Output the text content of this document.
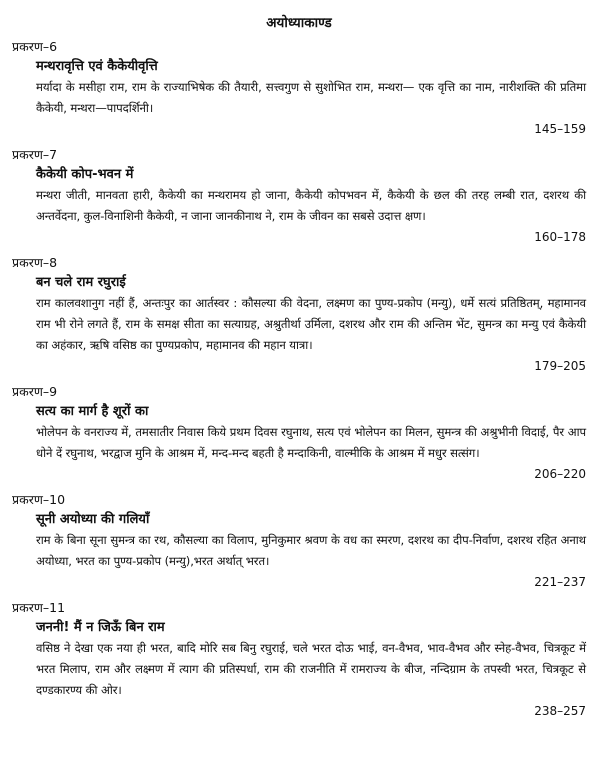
अयोध्याकाण्ड
प्रकरण–6
मन्थरावृत्ति एवं कैकेयीवृत्ति

मर्यादा के मसीहा राम, राम के राज्याभिषेक की तैयारी, सत्त्वगुण से सुशोभित राम, मन्थरा— एक वृत्ति का नाम, नारीशक्ति की प्रतिमा कैकेयी, मन्थरा—पापदर्शिनी।

145–159
प्रकरण–7
कैकेयी कोप-भवन में

मन्थरा जीती, मानवता हारी, कैकेयी का मन्थरामय हो जाना, कैकेयी कोपभवन में, कैकेयी के छल की तरह लम्बी रात, दशरथ की अन्तर्वेदना, कुल-विनाशिनी कैकेयी, न जाना जानकीनाथ ने, राम के जीवन का सबसे उदात्त क्षण।

160–178
प्रकरण–8
बन चले राम रघुराई

राम कालवशानुग नहीं हैं, अन्तःपुर का आर्तस्वर : कौसल्या की वेदना, लक्ष्मण का पुण्य-प्रकोप (मन्यु), धर्मे सत्यं प्रतिष्ठितम्, महामानव राम भी रोने लगते हैं, राम के समक्ष सीता का सत्याग्रह, अश्रुतीर्था उर्मिला, दशरथ और राम की अन्तिम भेंट, सुमन्त्र का मन्यु एवं कैकेयी का अहंकार, ऋषि वसिष्ठ का पुण्यप्रकोप, महामानव की महान यात्रा।

179–205
प्रकरण–9
सत्य का मार्ग है शूरों का

भोलेपन के वनराज्य में, तमसातीर निवास किये प्रथम दिवस रघुनाथ, सत्य एवं भोलेपन का मिलन, सुमन्त्र की अश्रुभीनी विदाई, पैर आप धोने दें रघुनाथ, भरद्वाज मुनि के आश्रम में, मन्द-मन्द बहती है मन्दाकिनी, वाल्मीकि के आश्रम में मधुर सत्संग।

206–220
प्रकरण–10
सूनी अयोध्या की गलियाँ

राम के बिना सूना सुमन्त्र का रथ, कौसल्या का विलाप, मुनिकुमार श्रवण के वध का स्मरण, दशरथ का दीप-निर्वाण, दशरथ रहित अनाथ अयोध्या, भरत का पुण्य-प्रकोप (मन्यु),भरत अर्थात् भरत।

221–237
प्रकरण–11
जननी! मैं न जिऊँ बिन राम

वसिष्ठ ने देखा एक नया ही भरत, बादि मोरि सब बिनु रघुराई, चले भरत दोऊ भाई, वन-वैभव, भाव-वैभव और स्नेह-वैभव, चित्रकूट में भरत मिलाप, राम और लक्ष्मण में त्याग की प्रतिस्पर्धा, राम की राजनीति में रामराज्य के बीज, नन्दिग्राम के तपस्वी भरत, चित्रकूट से दण्डकारण्य की ओर।

238–257
